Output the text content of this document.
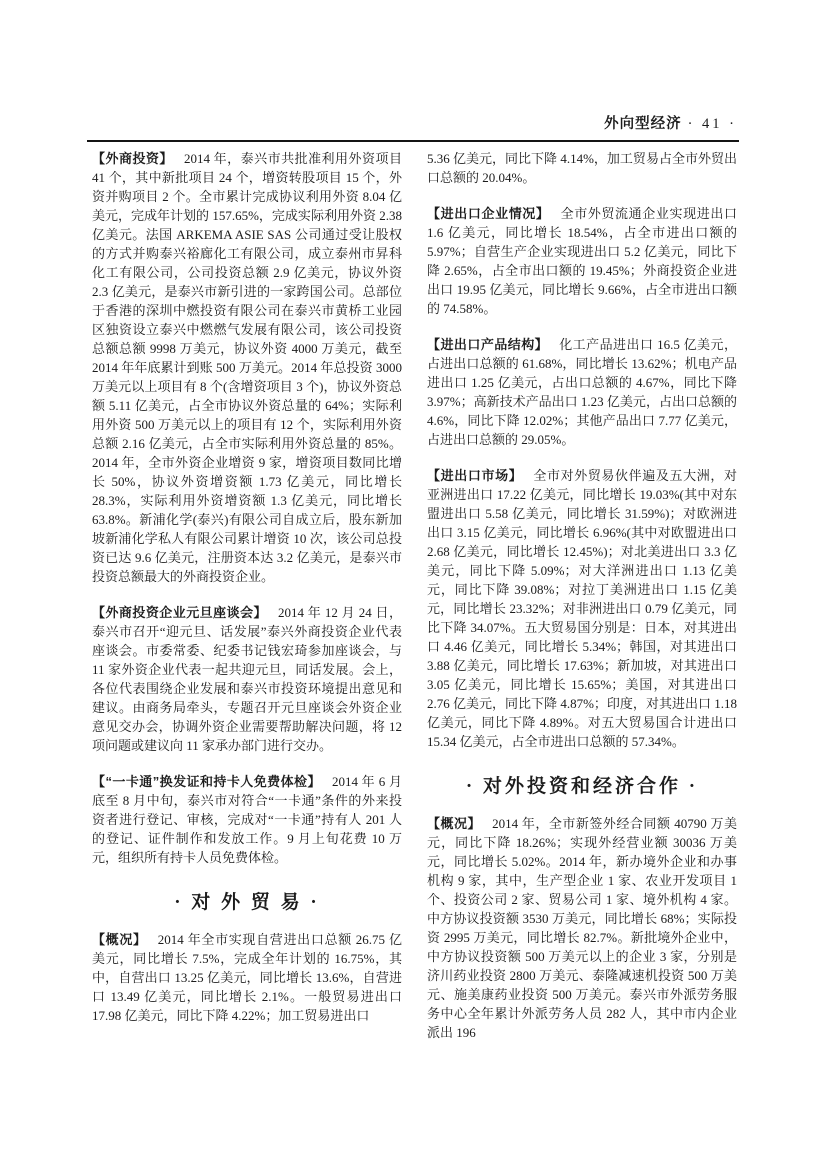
外向型经济 · 41 ·

【外商投资】 2014 年，泰兴市共批准利用外资项目 41 个，其中新批项目 24 个，增资转股项目 15 个，外资并购项目 2 个。全市累计完成协议利用外资 8.04 亿美元，完成年计划的 157.65%，完成实际利用外资 2.38 亿美元。法国 ARKEMA ASIE SAS 公司通过受让股权的方式并购泰兴裕廊化工有限公司，成立泰州市昇科化工有限公司，公司投资总额 2.9 亿美元，协议外资 2.3 亿美元，是泰兴市新引进的一家跨国公司。总部位于香港的深圳中燃投资有限公司在泰兴市黄桥工业园区独资设立泰兴中燃燃气发展有限公司，该公司投资总额总额 9998 万美元，协议外资 4000 万美元，截至 2014 年年底累计到账 500 万美元。2014 年总投资 3000 万美元以上项目有 8 个(含增资项目 3 个)，协议外资总额 5.11 亿美元，占全市协议外资总量的 64%；实际利用外资 500 万美元以上的项目有 12 个，实际利用外资总额 2.16 亿美元，占全市实际利用外资总量的 85%。2014 年，全市外资企业增资 9 家，增资项目数同比增长 50%，协议外资增资额 1.73 亿美元，同比增长 28.3%，实际利用外资增资额 1.3 亿美元，同比增长 63.8%。新浦化学(泰兴)有限公司自成立后，股东新加坡新浦化学私人有限公司累计增资 10 次，该公司总投资已达 9.6 亿美元，注册资本达 3.2 亿美元，是泰兴市投资总额最大的外商投资企业。

【外商投资企业元旦座谈会】 2014 年 12 月 24 日，泰兴市召开“迎元旦、话发展”泰兴外商投资企业代表座谈会。市委常委、纪委书记钱宏琦参加座谈会，与 11 家外资企业代表一起共迎元旦，同话发展。会上，各位代表围绕企业发展和泰兴市投资环境提出意见和建议。由商务局牵头，专题召开元旦座谈会外资企业意见交办会，协调外资企业需要帮助解决问题，将 12 项问题或建议向 11 家承办部门进行交办。

【“一卡通”换发证和持卡人免费体检】 2014 年 6 月底至 8 月中旬，泰兴市对符合“一卡通”条件的外来投资者进行登记、审核，完成对“一卡通”持有人 201 人的登记、证件制作和发放工作。9 月上旬花费 10 万元，组织所有持卡人员免费体检。

· 对 外 贸 易 ·

【概况】 2014 年全市实现自营进出口总额 26.75 亿美元，同比增长 7.5%，完成全年计划的 16.75%，其中，自营出口 13.25 亿美元，同比增长 13.6%，自营进口 13.49 亿美元，同比增长 2.1%。一般贸易进出口 17.98 亿美元，同比下降 4.22%；加工贸易进出口

5.36 亿美元，同比下降 4.14%，加工贸易占全市外贸出口总额的 20.04%。

【进出口企业情况】 全市外贸流通企业实现进出口 1.6 亿美元，同比增长 18.54%，占全市进出口额的 5.97%；自营生产企业实现进出口 5.2 亿美元，同比下降 2.65%，占全市出口额的 19.45%；外商投资企业进出口 19.95 亿美元，同比增长 9.66%，占全市进出口额的 74.58%。

【进出口产品结构】 化工产品进出口 16.5 亿美元，占进出口总额的 61.68%，同比增长 13.62%；机电产品进出口 1.25 亿美元，占出口总额的 4.67%，同比下降 3.97%；高新技术产品出口 1.23 亿美元，占出口总额的 4.6%，同比下降 12.02%；其他产品出口 7.77 亿美元，占进出口总额的 29.05%。

【进出口市场】 全市对外贸易伙伴遍及五大洲，对亚洲进出口 17.22 亿美元，同比增长 19.03%(其中对东盟进出口 5.58 亿美元，同比增长 31.59%)；对欧洲进出口 3.15 亿美元，同比增长 6.96%(其中对欧盟进出口 2.68 亿美元，同比增长 12.45%)；对北美进出口 3.3 亿美元，同比下降 5.09%；对大洋洲进出口 1.13 亿美元，同比下降 39.08%；对拉丁美洲进出口 1.15 亿美元，同比增长 23.32%；对非洲进出口 0.79 亿美元，同比下降 34.07%。五大贸易国分别是：日本，对其进出口 4.46 亿美元，同比增长 5.34%；韩国，对其进出口 3.88 亿美元，同比增长 17.63%；新加坡，对其进出口 3.05 亿美元，同比增长 15.65%；美国，对其进出口 2.76 亿美元，同比下降 4.87%；印度，对其进出口 1.18 亿美元，同比下降 4.89%。对五大贸易国合计进出口 15.34 亿美元，占全市进出口总额的 57.34%。

· 对外投资和经济合作 ·

【概况】 2014 年，全市新签外经合同额 40790 万美元，同比下降 18.26%；实现外经营业额 30036 万美元，同比增长 5.02%。2014 年，新办境外企业和办事机构 9 家，其中，生产型企业 1 家、农业开发项目 1 个、投资公司 2 家、贸易公司 1 家、境外机构 4 家。中方协议投资额 3530 万美元，同比增长 68%；实际投资 2995 万美元，同比增长 82.7%。新批境外企业中，中方协议投资额 500 万美元以上的企业 3 家，分别是济川药业投资 2800 万美元、泰隆减速机投资 500 万美元、施美康药业投资 500 万美元。泰兴市外派劳务服务中心全年累计外派劳务人员 282 人，其中市内企业派出 196
